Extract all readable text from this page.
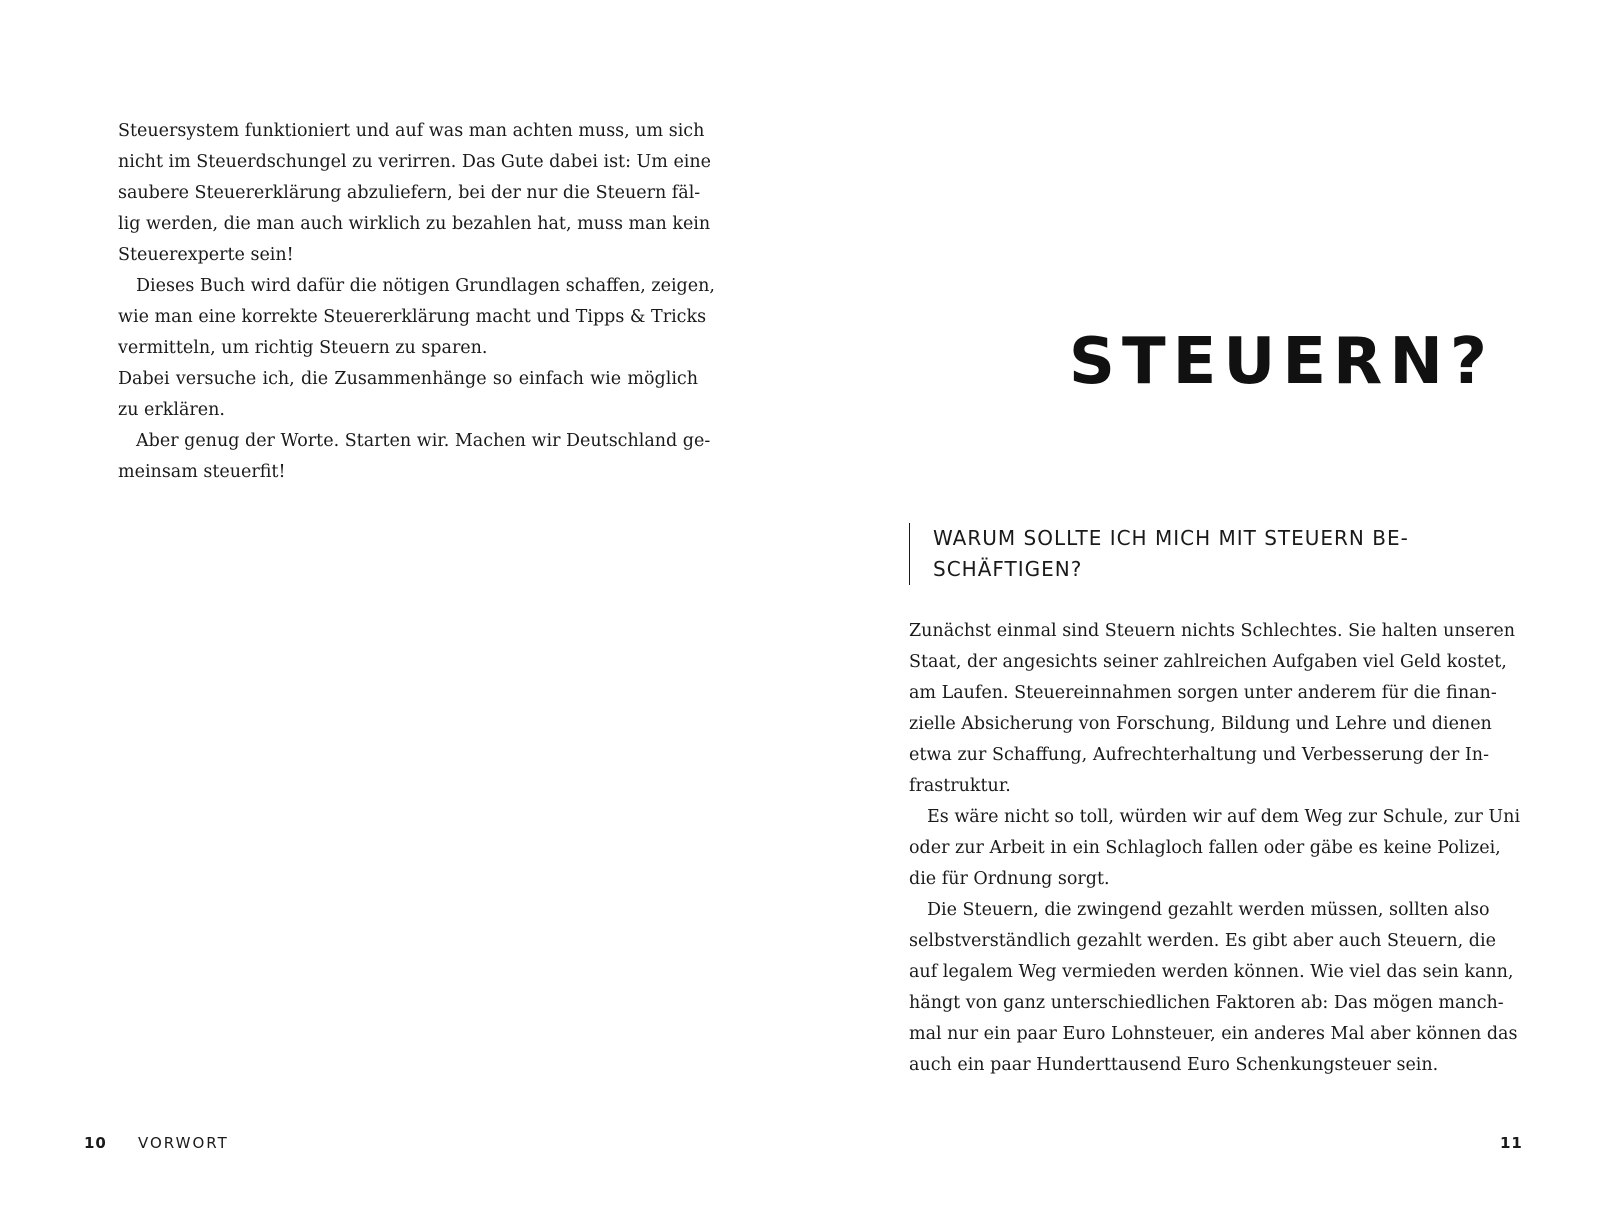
Steuersystem funktioniert und auf was man achten muss, um sich
nicht im Steuerdschungel zu verirren. Das Gute dabei ist: Um eine
saubere Steuererklärung abzuliefern, bei der nur die Steuern fäl-
lig werden, die man auch wirklich zu bezahlen hat, muss man kein
Steuerexperte sein!
Dieses Buch wird dafür die nötigen Grundlagen schaffen, zeigen,
wie man eine korrekte Steuererklärung macht und Tipps & Tricks
vermitteln, um richtig Steuern zu sparen.
Dabei versuche ich, die Zusammenhänge so einfach wie möglich
zu erklären.
Aber genug der Worte. Starten wir. Machen wir Deutschland ge-
meinsam steuerfit!
10 VORWORT
STEUERN?
WARUM SOLLTE ICH MICH MIT STEUERN BE-
SCHÄFTIGEN?
Zunächst einmal sind Steuern nichts Schlechtes. Sie halten unseren
Staat, der angesichts seiner zahlreichen Aufgaben viel Geld kostet,
am Laufen. Steuereinnahmen sorgen unter anderem für die finan-
zielle Absicherung von Forschung, Bildung und Lehre und dienen
etwa zur Schaffung, Aufrechterhaltung und Verbesserung der In-
frastruktur.
Es wäre nicht so toll, würden wir auf dem Weg zur Schule, zur Uni
oder zur Arbeit in ein Schlagloch fallen oder gäbe es keine Polizei,
die für Ordnung sorgt.
Die Steuern, die zwingend gezahlt werden müssen, sollten also
selbstverständlich gezahlt werden. Es gibt aber auch Steuern, die
auf legalem Weg vermieden werden können. Wie viel das sein kann,
hängt von ganz unterschiedlichen Faktoren ab: Das mögen manch-
mal nur ein paar Euro Lohnsteuer, ein anderes Mal aber können das
auch ein paar Hunderttausend Euro Schenkungsteuer sein.
11
